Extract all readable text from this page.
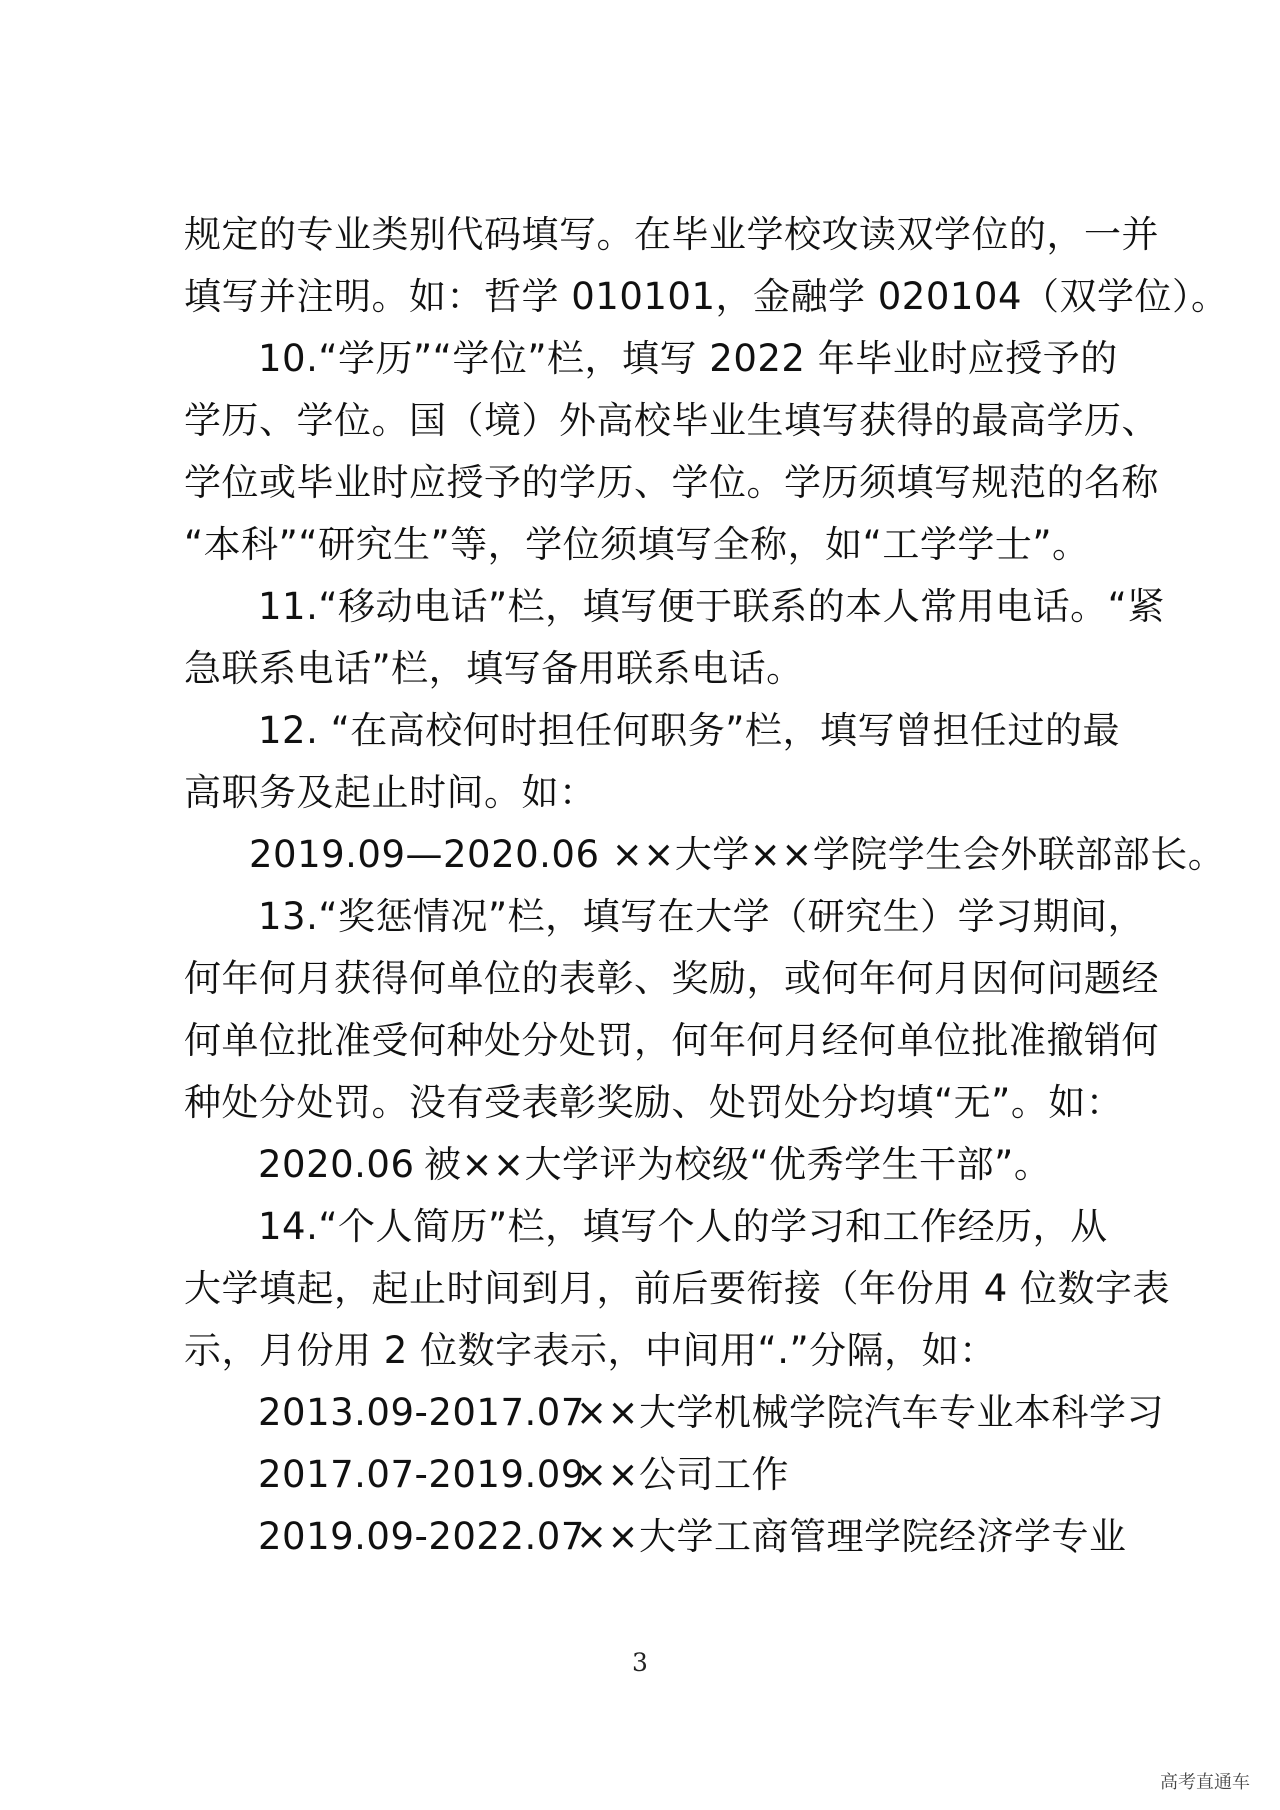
规定的专业类别代码填写。在毕业学校攻读双学位的，一并
填写并注明。如：哲学 010101，金融学 020104（双学位）。
10.“学历”“学位”栏，填写 2022 年毕业时应授予的
学历、学位。国（境）外高校毕业生填写获得的最高学历、
学位或毕业时应授予的学历、学位。学历须填写规范的名称
“本科”“研究生”等，学位须填写全称，如“工学学士”。
11.“移动电话”栏，填写便于联系的本人常用电话。“紧
急联系电话”栏，填写备用联系电话。
12. “在高校何时担任何职务”栏，填写曾担任过的最
高职务及起止时间。如：
2019.09—2020.06 ××大学××学院学生会外联部部长。
13.“奖惩情况”栏，填写在大学（研究生）学习期间，
何年何月获得何单位的表彰、奖励，或何年何月因何问题经
何单位批准受何种处分处罚，何年何月经何单位批准撤销何
种处分处罚。没有受表彰奖励、处罚处分均填“无”。如：
2020.06 被××大学评为校级“优秀学生干部”。
14.“个人简历”栏，填写个人的学习和工作经历，从
大学填起，起止时间到月，前后要衔接（年份用 4 位数字表
示，月份用 2 位数字表示，中间用“.”分隔，如：
2013.09-2017.07××大学机械学院汽车专业本科学习
2017.07-2019.09××公司工作
2019.09-2022.07××大学工商管理学院经济学专业
3
高考直通车
